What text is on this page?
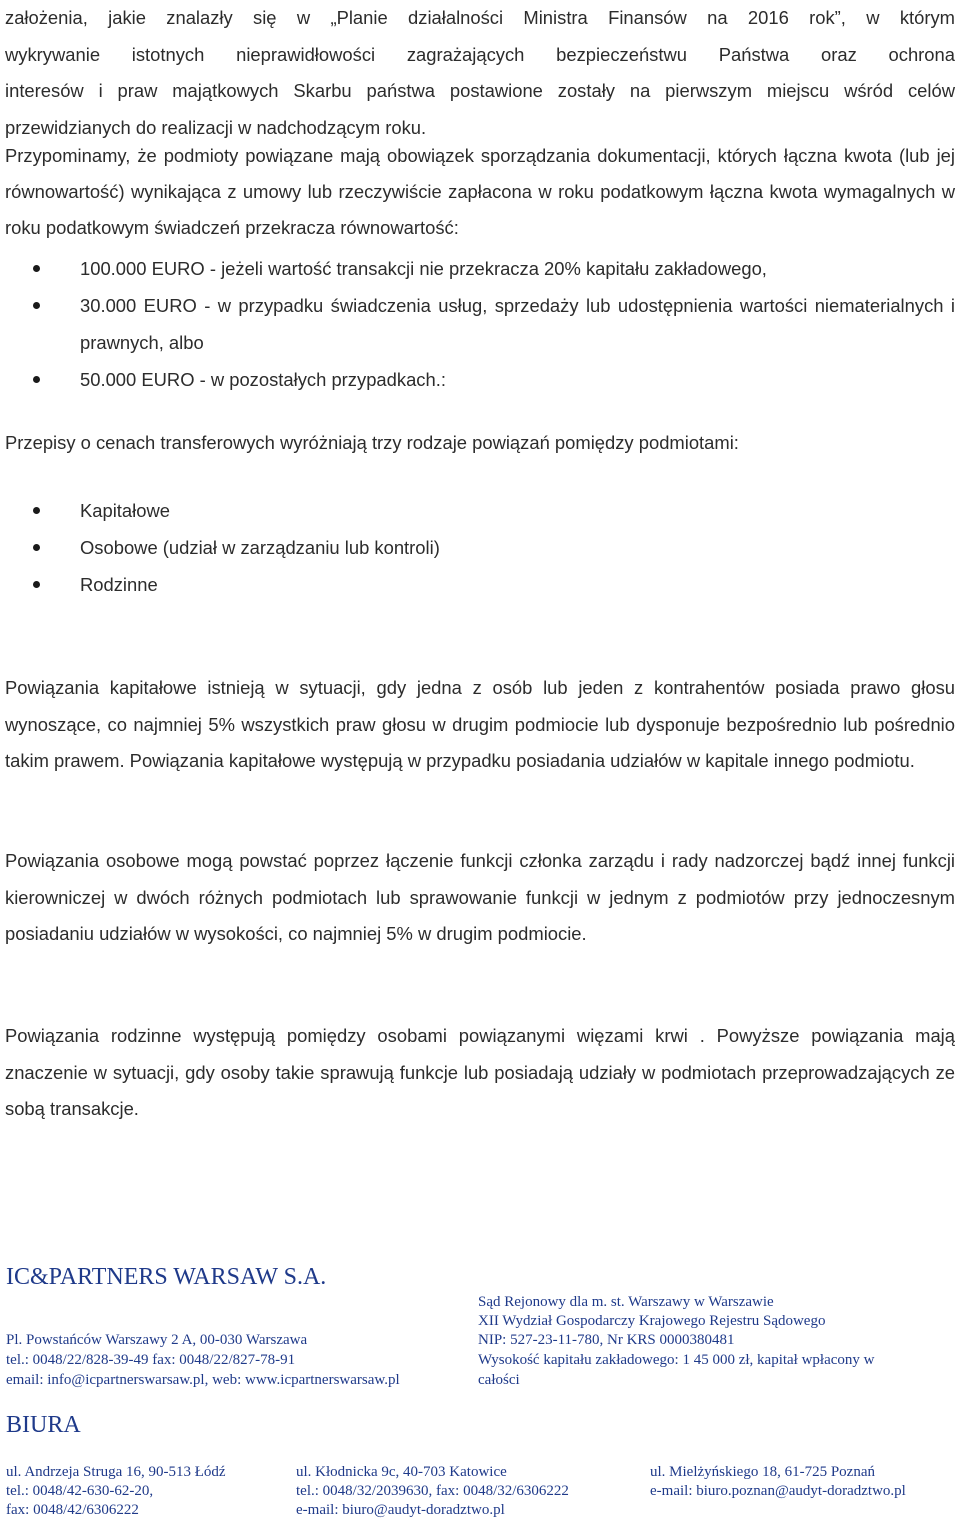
założenia, jakie znalazły się w „Planie działalności Ministra Finansów na 2016 rok”, w którym

wykrywanie istotnych nieprawidłowości zagrażających bezpieczeństwu Państwa oraz ochrona

interesów i praw majątkowych Skarbu państwa postawione zostały na pierwszym miejscu wśród celów

przewidzianych do realizacji w nadchodzącym roku.

Przypominamy, że podmioty powiązane mają obowiązek sporządzania dokumentacji, których łączna kwota (lub jej równowartość) wynikająca z umowy lub rzeczywiście zapłacona w roku podatkowym łączna kwota wymagalnych w roku podatkowym świadczeń przekracza równowartość:

100.000 EURO - jeżeli wartość transakcji nie przekracza 20% kapitału zakładowego,
30.000 EURO - w przypadku świadczenia usług, sprzedaży lub udostępnienia wartości niematerialnych i prawnych, albo
50.000 EURO - w pozostałych przypadkach.:

Przepisy o cenach transferowych wyróżniają trzy rodzaje powiązań pomiędzy podmiotami:

Kapitałowe
Osobowe (udział w zarządzaniu lub kontroli)
Rodzinne

Powiązania kapitałowe istnieją w sytuacji, gdy jedna z osób lub jeden z kontrahentów posiada prawo głosu wynoszące, co najmniej 5% wszystkich praw głosu w drugim podmiocie lub dysponuje bezpośrednio lub pośrednio takim prawem. Powiązania kapitałowe występują w przypadku posiadania udziałów w kapitale innego podmiotu.

Powiązania osobowe mogą powstać poprzez łączenie funkcji członka zarządu i rady nadzorczej bądź innej funkcji kierowniczej w dwóch różnych podmiotach lub sprawowanie funkcji w jednym z podmiotów przy jednoczesnym posiadaniu udziałów w wysokości, co najmniej 5% w drugim podmiocie.

Powiązania rodzinne występują pomiędzy osobami powiązanymi więzami krwi . Powyższe powiązania mają znaczenie w sytuacji, gdy osoby takie sprawują funkcje lub posiadają udziały w podmiotach przeprowadzających ze sobą transakcje.

IC&PARTNERS WARSAW S.A.
Pl. Powstańców Warszawy 2 A, 00-030 Warszawa
tel.: 0048/22/828-39-49 fax: 0048/22/827-78-91
email: info@icpartnerswarsaw.pl, web: www.icpartnerswarsaw.pl
Sąd Rejonowy dla m. st. Warszawy w Warszawie
XII Wydział Gospodarczy Krajowego Rejestru Sądowego
NIP: 527-23-11-780, Nr KRS 0000380481
Wysokość kapitału zakładowego: 1 45 000 zł, kapitał wpłacony w
całości
BIURA
ul. Andrzeja Struga 16, 90-513 Łódź
tel.: 0048/42-630-62-20,
fax: 0048/42/6306222
ul. Kłodnicka 9c, 40-703 Katowice
tel.: 0048/32/2039630, fax: 0048/32/6306222
e-mail: biuro@audyt-doradztwo.pl
ul. Mielżyńskiego 18, 61-725 Poznań
e-mail: biuro.poznan@audyt-doradztwo.pl
